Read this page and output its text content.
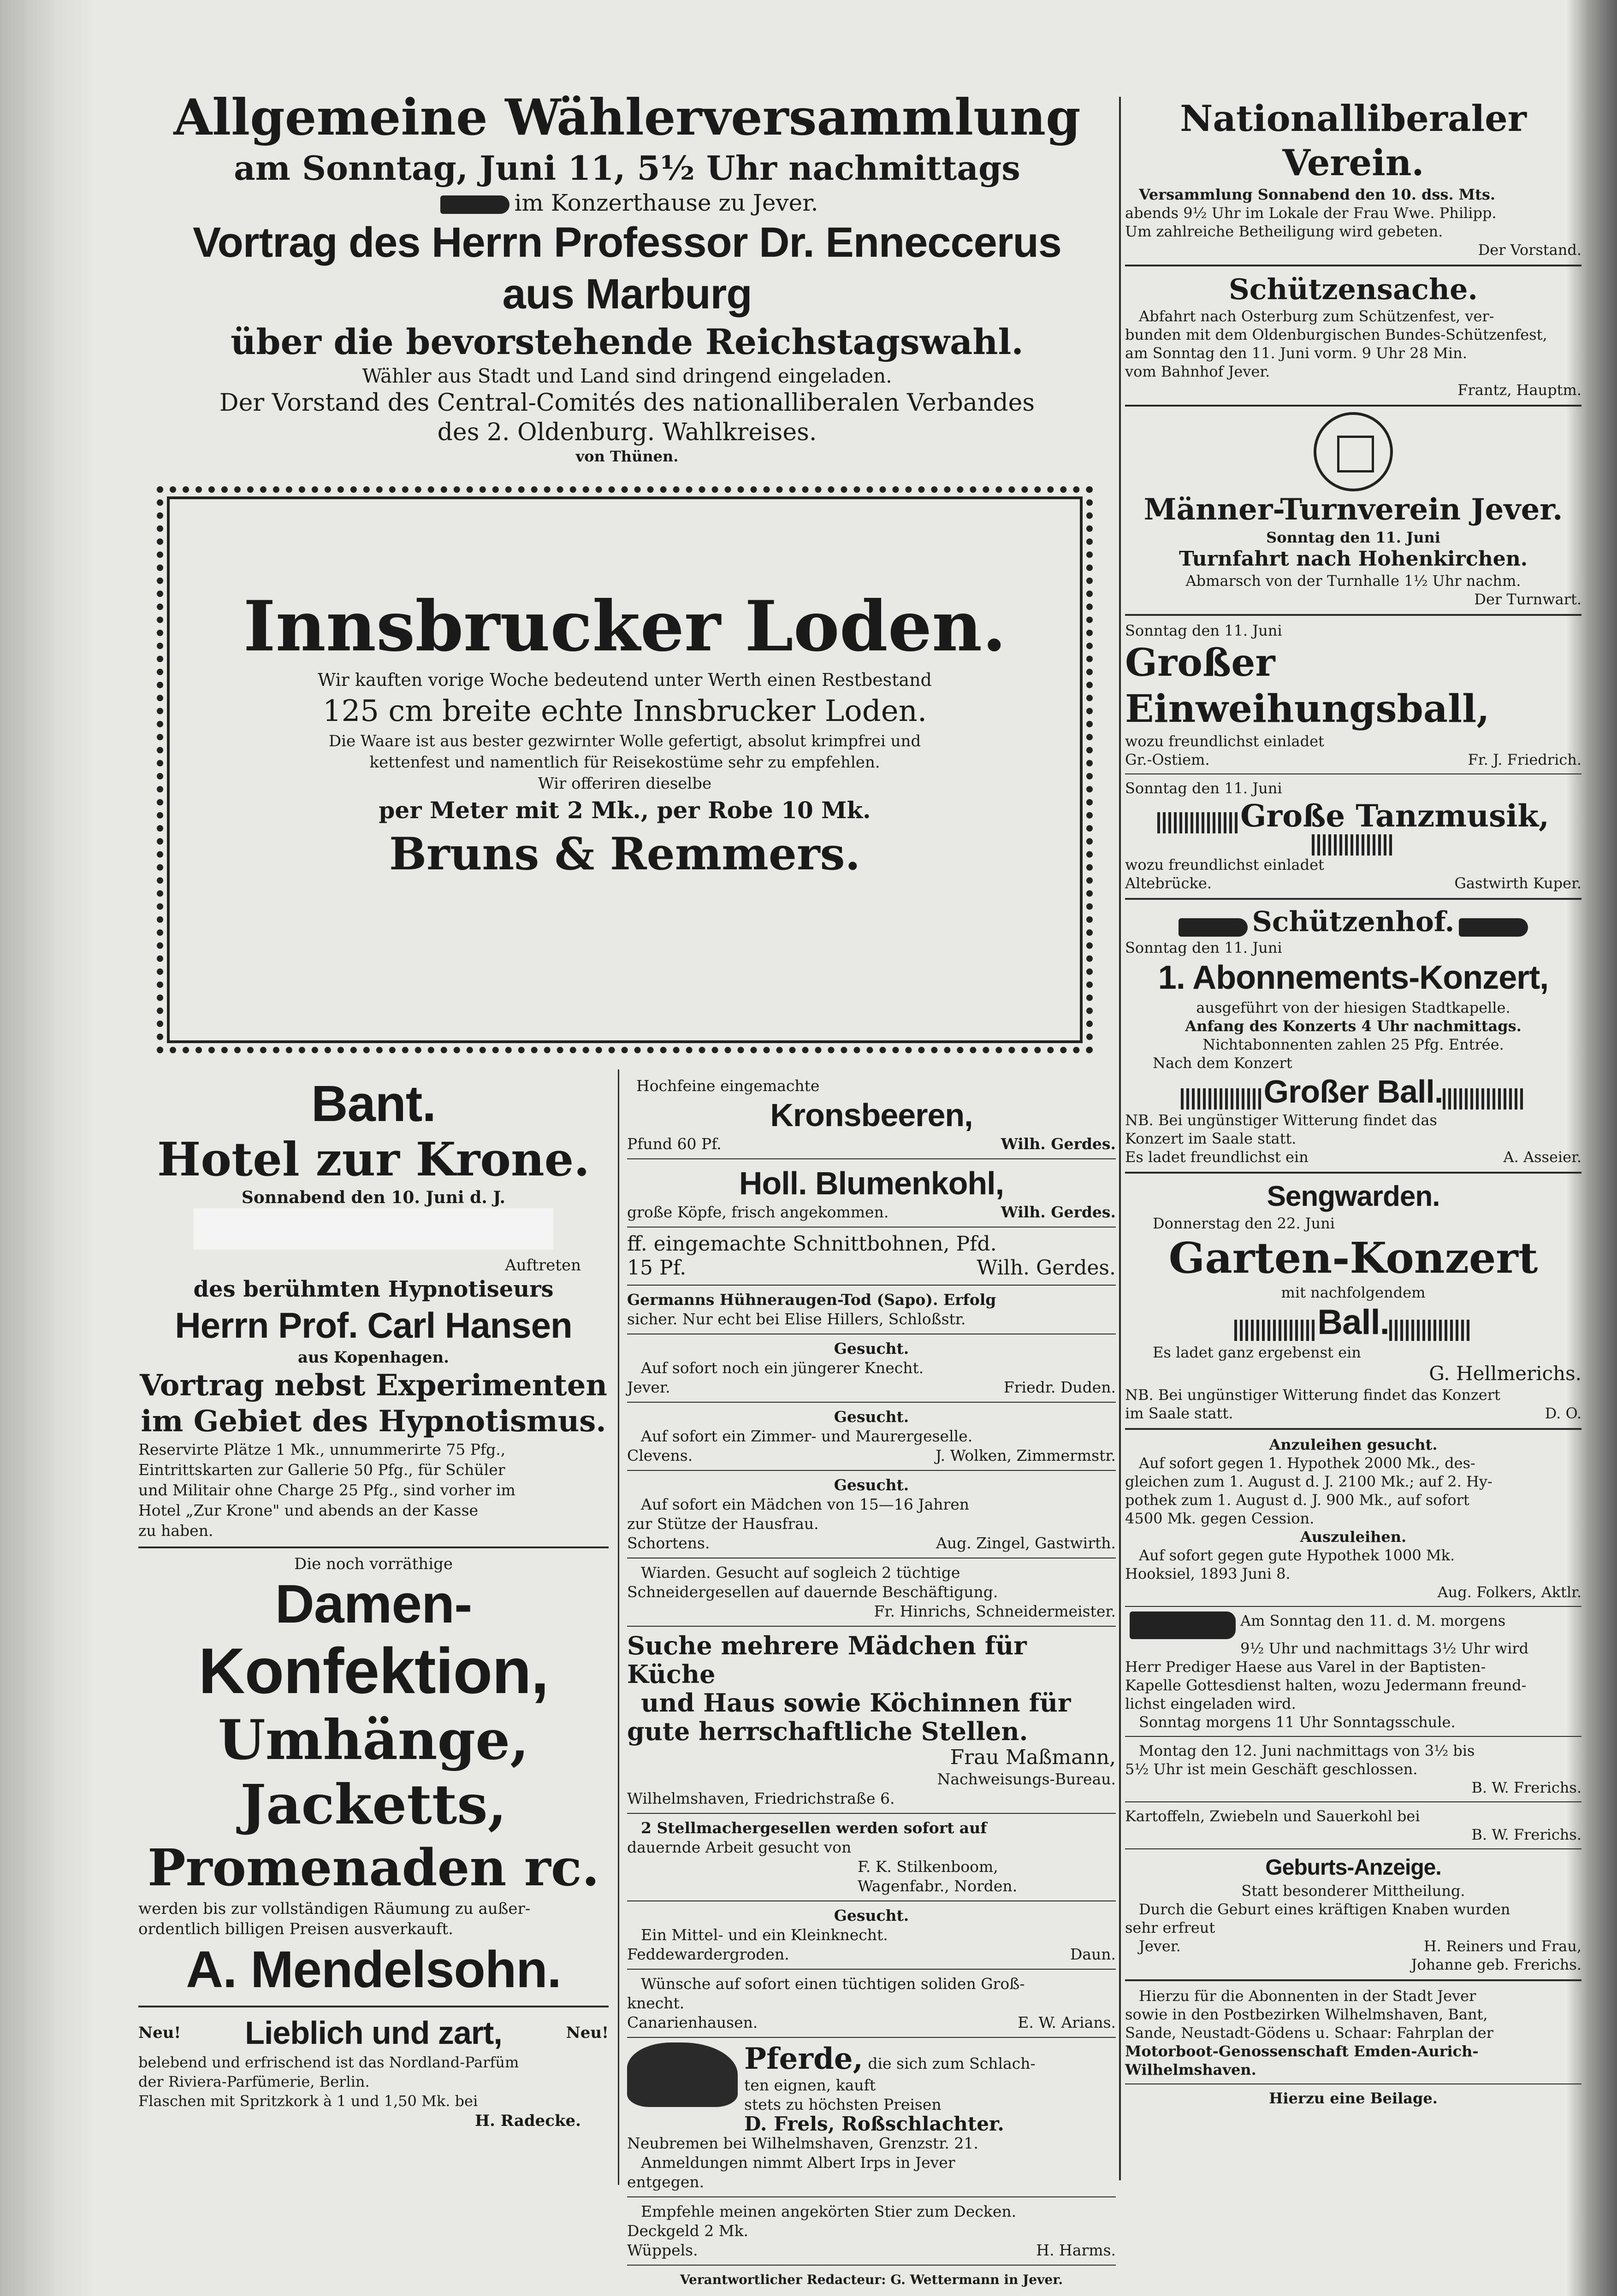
Allgemeine Wählerversammlung
am Sonntag, Juni 11, 5½ Uhr nachmittags
im Konzerthause zu Jever.
Vortrag des Herrn Professor Dr. Enneccerus
aus Marburg
über die bevorstehende Reichstagswahl.
Wähler aus Stadt und Land sind dringend eingeladen.
Der Vorstand des Central-Comités des nationalliberalen Verbandes
des 2. Oldenburg. Wahlkreises.
von Thünen.
Innsbrucker Loden.
Wir kauften vorige Woche bedeutend unter Werth einen Restbestand
125 cm breite echte Innsbrucker Loden.
Die Waare ist aus bester gezwirnter Wolle gefertigt, absolut krimpfrei und
kettenfest und namentlich für Reisekostüme sehr zu empfehlen.
Wir offeriren dieselbe
per Meter mit 2 Mk., per Robe 10 Mk.
Bruns & Remmers.
Bant.
Hotel zur Krone.
Sonnabend den 10. Juni d. J.
Auftreten
des berühmten Hypnotiseurs
Herrn Prof. Carl Hansen
aus Kopenhagen.
Vortrag nebst Experimenten
im Gebiet des Hypnotismus.
Reservirte Plätze 1 Mk., unnummerirte 75 Pfg.,
Eintrittskarten zur Gallerie 50 Pfg., für Schüler
und Militair ohne Charge 25 Pfg., sind vorher im
Hotel „Zur Krone" und abends an der Kasse
zu haben.
Die noch vorräthige
Damen-
Konfektion,
Umhänge,
Jacketts,
Promenaden rc.
werden bis zur vollständigen Räumung zu außer-
ordentlich billigen Preisen ausverkauft.
A. Mendelsohn.
Neu! Lieblich und zart,	Neu!
belebend und erfrischend ist das Nordland-Parfüm
der Riviera-Parfümerie, Berlin.
Flaschen mit Spritzkork à 1 und 1,50 Mk. bei
H. Radecke.
Hochfeine eingemachte
Kronsbeeren,
Pfund 60 Pf.	Wilh. Gerdes.
Holl. Blumenkohl,
große Köpfe, frisch angekommen.	Wilh. Gerdes.
ff. eingemachte Schnittbohnen, Pfd.
15 Pf.	Wilh. Gerdes.
Germanns Hühneraugen-Tod (Sapo). Erfolg
sicher. Nur echt bei Elise Hillers, Schloßstr.
Gesucht.
Auf sofort noch ein jüngerer Knecht.
Jever.	Friedr. Duden.
Gesucht.
Auf sofort ein Zimmer- und Maurergeselle.
Clevens.	J. Wolken, Zimmermstr.
Gesucht.
Auf sofort ein Mädchen von 15—16 Jahren
zur Stütze der Hausfrau.
Schortens.	Aug. Zingel, Gastwirth.
Wiarden. Gesucht auf sogleich 2 tüchtige
Schneidergesellen auf dauernde Beschäftigung.
Fr. Hinrichs, Schneidermeister.
Suche mehrere Mädchen für Küche
und Haus sowie Köchinnen für
gute herrschaftliche Stellen.
Frau Maßmann,
Nachweisungs-Bureau.
Wilhelmshaven, Friedrichstraße 6.
2 Stellmachergesellen werden sofort auf
dauernde Arbeit gesucht von
F. K. Stilkenboom,
Wagenfabr., Norden.
Gesucht.
Ein Mittel- und ein Kleinknecht.
Feddewardergroden.	Daun.
Wünsche auf sofort einen tüchtigen soliden Groß-
knecht.
Canarienhausen.	E. W. Arians.
Pferde, die sich zum Schlach-
ten eignen, kauft
stets zu höchsten Preisen
D. Frels, Roßschlachter.
Neubremen bei Wilhelmshaven, Grenzstr. 21.
Anmeldungen nimmt Albert Irps in Jever
entgegen.
Empfehle meinen angekörten Stier zum Decken.
Deckgeld 2 Mk.
Wüppels.	H. Harms.
Verantwortlicher Redacteur: G. Wettermann in Jever.
Nationalliberaler Verein.
Versammlung Sonnabend den 10. dss. Mts.
abends 9½ Uhr im Lokale der Frau Wwe. Philipp.
Um zahlreiche Betheiligung wird gebeten.
Der Vorstand.
Schützensache.
Abfahrt nach Osterburg zum Schützenfest, ver-
bunden mit dem Oldenburgischen Bundes-Schützenfest,
am Sonntag den 11. Juni vorm. 9 Uhr 28 Min.
vom Bahnhof Jever.
Frantz, Hauptm.
Männer-Turnverein Jever.
Sonntag den 11. Juni
Turnfahrt nach Hohenkirchen.
Abmarsch von der Turnhalle 1½ Uhr nachm.
Der Turnwart.
Sonntag den 11. Juni
Großer Einweihungsball,
wozu freundlichst einladet
Gr.-Ostiem.	Fr. J. Friedrich.
Sonntag den 11. Juni
Große Tanzmusik,
wozu freundlichst einladet
Altebrücke.	Gastwirth Kuper.
Schützenhof.
Sonntag den 11. Juni
1. Abonnements-Konzert,
ausgeführt von der hiesigen Stadtkapelle.
Anfang des Konzerts 4 Uhr nachmittags.
Nichtabonnenten zahlen 25 Pfg. Entrée.
Nach dem Konzert
Großer Ball.
NB. Bei ungünstiger Witterung findet das
Konzert im Saale statt.
Es ladet freundlichst ein	A. Asseier.
Sengwarden.
Donnerstag den 22. Juni
Garten-Konzert
mit nachfolgendem
Ball.
Es ladet ganz ergebenst ein
G. Hellmerichs.
NB. Bei ungünstiger Witterung findet das Konzert
im Saale statt.	D. O.
Anzuleihen gesucht.
Auf sofort gegen 1. Hypothek 2000 Mk., des-
gleichen zum 1. August d. J. 2100 Mk.; auf 2. Hy-
pothek zum 1. August d. J. 900 Mk., auf sofort
4500 Mk. gegen Cession.
Auszuleihen.
Auf sofort gegen gute Hypothek 1000 Mk.
Hooksiel, 1893 Juni 8.
Aug. Folkers, Aktlr.
Am Sonntag den 11. d. M. morgens
9½ Uhr und nachmittags 3½ Uhr wird
Herr Prediger Haese aus Varel in der Baptisten-
Kapelle Gottesdienst halten, wozu Jedermann freund-
lichst eingeladen wird.
Sonntag morgens 11 Uhr Sonntagsschule.
Montag den 12. Juni nachmittags von 3½ bis
5½ Uhr ist mein Geschäft geschlossen.
B. W. Frerichs.
Kartoffeln, Zwiebeln und Sauerkohl bei
B. W. Frerichs.
Geburts-Anzeige.
Statt besonderer Mittheilung.
Durch die Geburt eines kräftigen Knaben wurden
sehr erfreut
Jever.	H. Reiners und Frau,
Johanne geb. Frerichs.
Hierzu für die Abonnenten in der Stadt Jever
sowie in den Postbezirken Wilhelmshaven, Bant,
Sande, Neustadt-Gödens u. Schaar: Fahrplan der
Motorboot-Genossenschaft Emden-Aurich-
Wilhelmshaven.
Hierzu eine Beilage.
